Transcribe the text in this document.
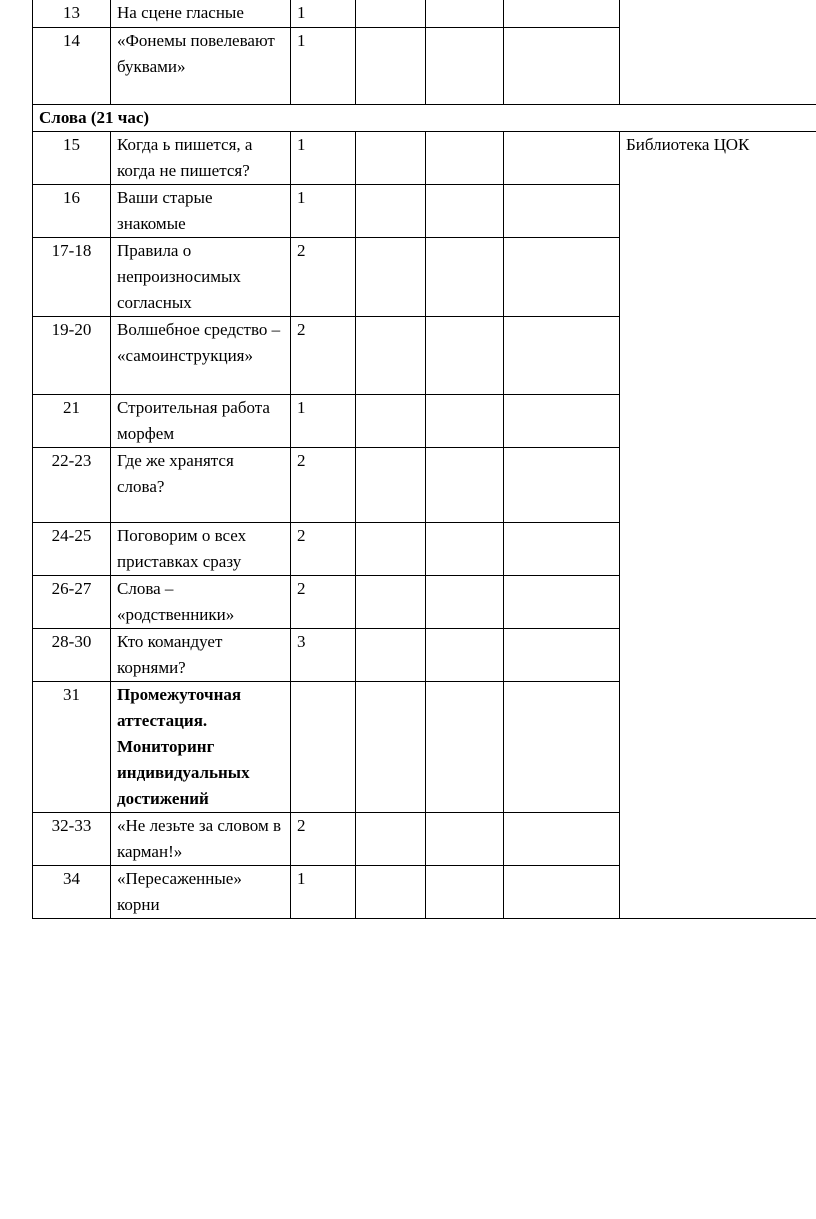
13	На сцене гласные	1				
14	«Фонемы повелевают буквами»	1				
Слова (21 час)						
15	Когда ь пишется, а когда не пишется?	1				Библиотека ЦОК
16	Ваши старые знакомые	1				
17-18	Правила о непроизносимых согласных	2				
19-20	Волшебное средство – «самоинструкция»	2				
21	Строительная работа морфем	1				
22-23	Где же хранятся слова?	2				
24-25	Поговорим о всех приставках сразу	2				
26-27	Слова – «родственники»	2				
28-30	Кто командует корнями?	3				
31	Промежуточная аттестация. Мониторинг индивидуальных достижений					
32-33	«Не лезьте за словом в карман!»	2				
34	«Пересаженные» корни	1				
